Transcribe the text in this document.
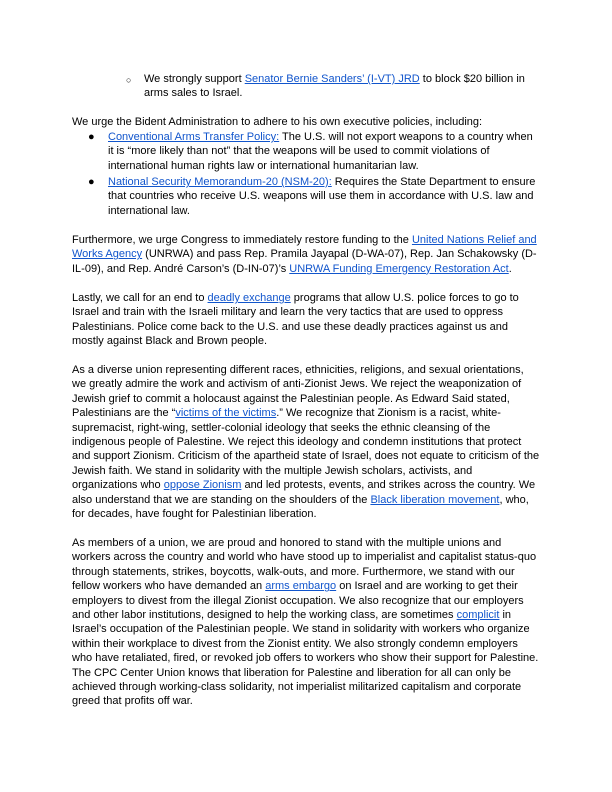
○ We strongly support Senator Bernie Sanders’ (I-VT) JRD to block $20 billion in arms sales to Israel.

We urge the Bident Administration to adhere to his own executive policies, including:

● Conventional Arms Transfer Policy: The U.S. will not export weapons to a country when it is “more likely than not” that the weapons will be used to commit violations of international human rights law or international humanitarian law.

● National Security Memorandum-20 (NSM-20): Requires the State Department to ensure that countries who receive U.S. weapons will use them in accordance with U.S. law and international law.

Furthermore, we urge Congress to immediately restore funding to the United Nations Relief and Works Agency (UNRWA) and pass Rep. Pramila Jayapal (D-WA-07), Rep. Jan Schakowsky (D-IL-09), and Rep. André Carson’s (D-IN-07)’s UNRWA Funding Emergency Restoration Act.

Lastly, we call for an end to deadly exchange programs that allow U.S. police forces to go to Israel and train with the Israeli military and learn the very tactics that are used to oppress Palestinians. Police come back to the U.S. and use these deadly practices against us and mostly against Black and Brown people.

As a diverse union representing different races, ethnicities, religions, and sexual orientations, we greatly admire the work and activism of anti-Zionist Jews. We reject the weaponization of Jewish grief to commit a holocaust against the Palestinian people. As Edward Said stated, Palestinians are the “victims of the victims.” We recognize that Zionism is a racist, white-supremacist, right-wing, settler-colonial ideology that seeks the ethnic cleansing of the indigenous people of Palestine. We reject this ideology and condemn institutions that protect and support Zionism. Criticism of the apartheid state of Israel, does not equate to criticism of the Jewish faith. We stand in solidarity with the multiple Jewish scholars, activists, and organizations who oppose Zionism and led protests, events, and strikes across the country. We also understand that we are standing on the shoulders of the Black liberation movement, who, for decades, have fought for Palestinian liberation.

As members of a union, we are proud and honored to stand with the multiple unions and workers across the country and world who have stood up to imperialist and capitalist status-quo through statements, strikes, boycotts, walk-outs, and more. Furthermore, we stand with our fellow workers who have demanded an arms embargo on Israel and are working to get their employers to divest from the illegal Zionist occupation. We also recognize that our employers and other labor institutions, designed to help the working class, are sometimes complicit in Israel’s occupation of the Palestinian people. We stand in solidarity with workers who organize within their workplace to divest from the Zionist entity. We also strongly condemn employers who have retaliated, fired, or revoked job offers to workers who show their support for Palestine. The CPC Center Union knows that liberation for Palestine and liberation for all can only be achieved through working-class solidarity, not imperialist militarized capitalism and corporate greed that profits off war.
